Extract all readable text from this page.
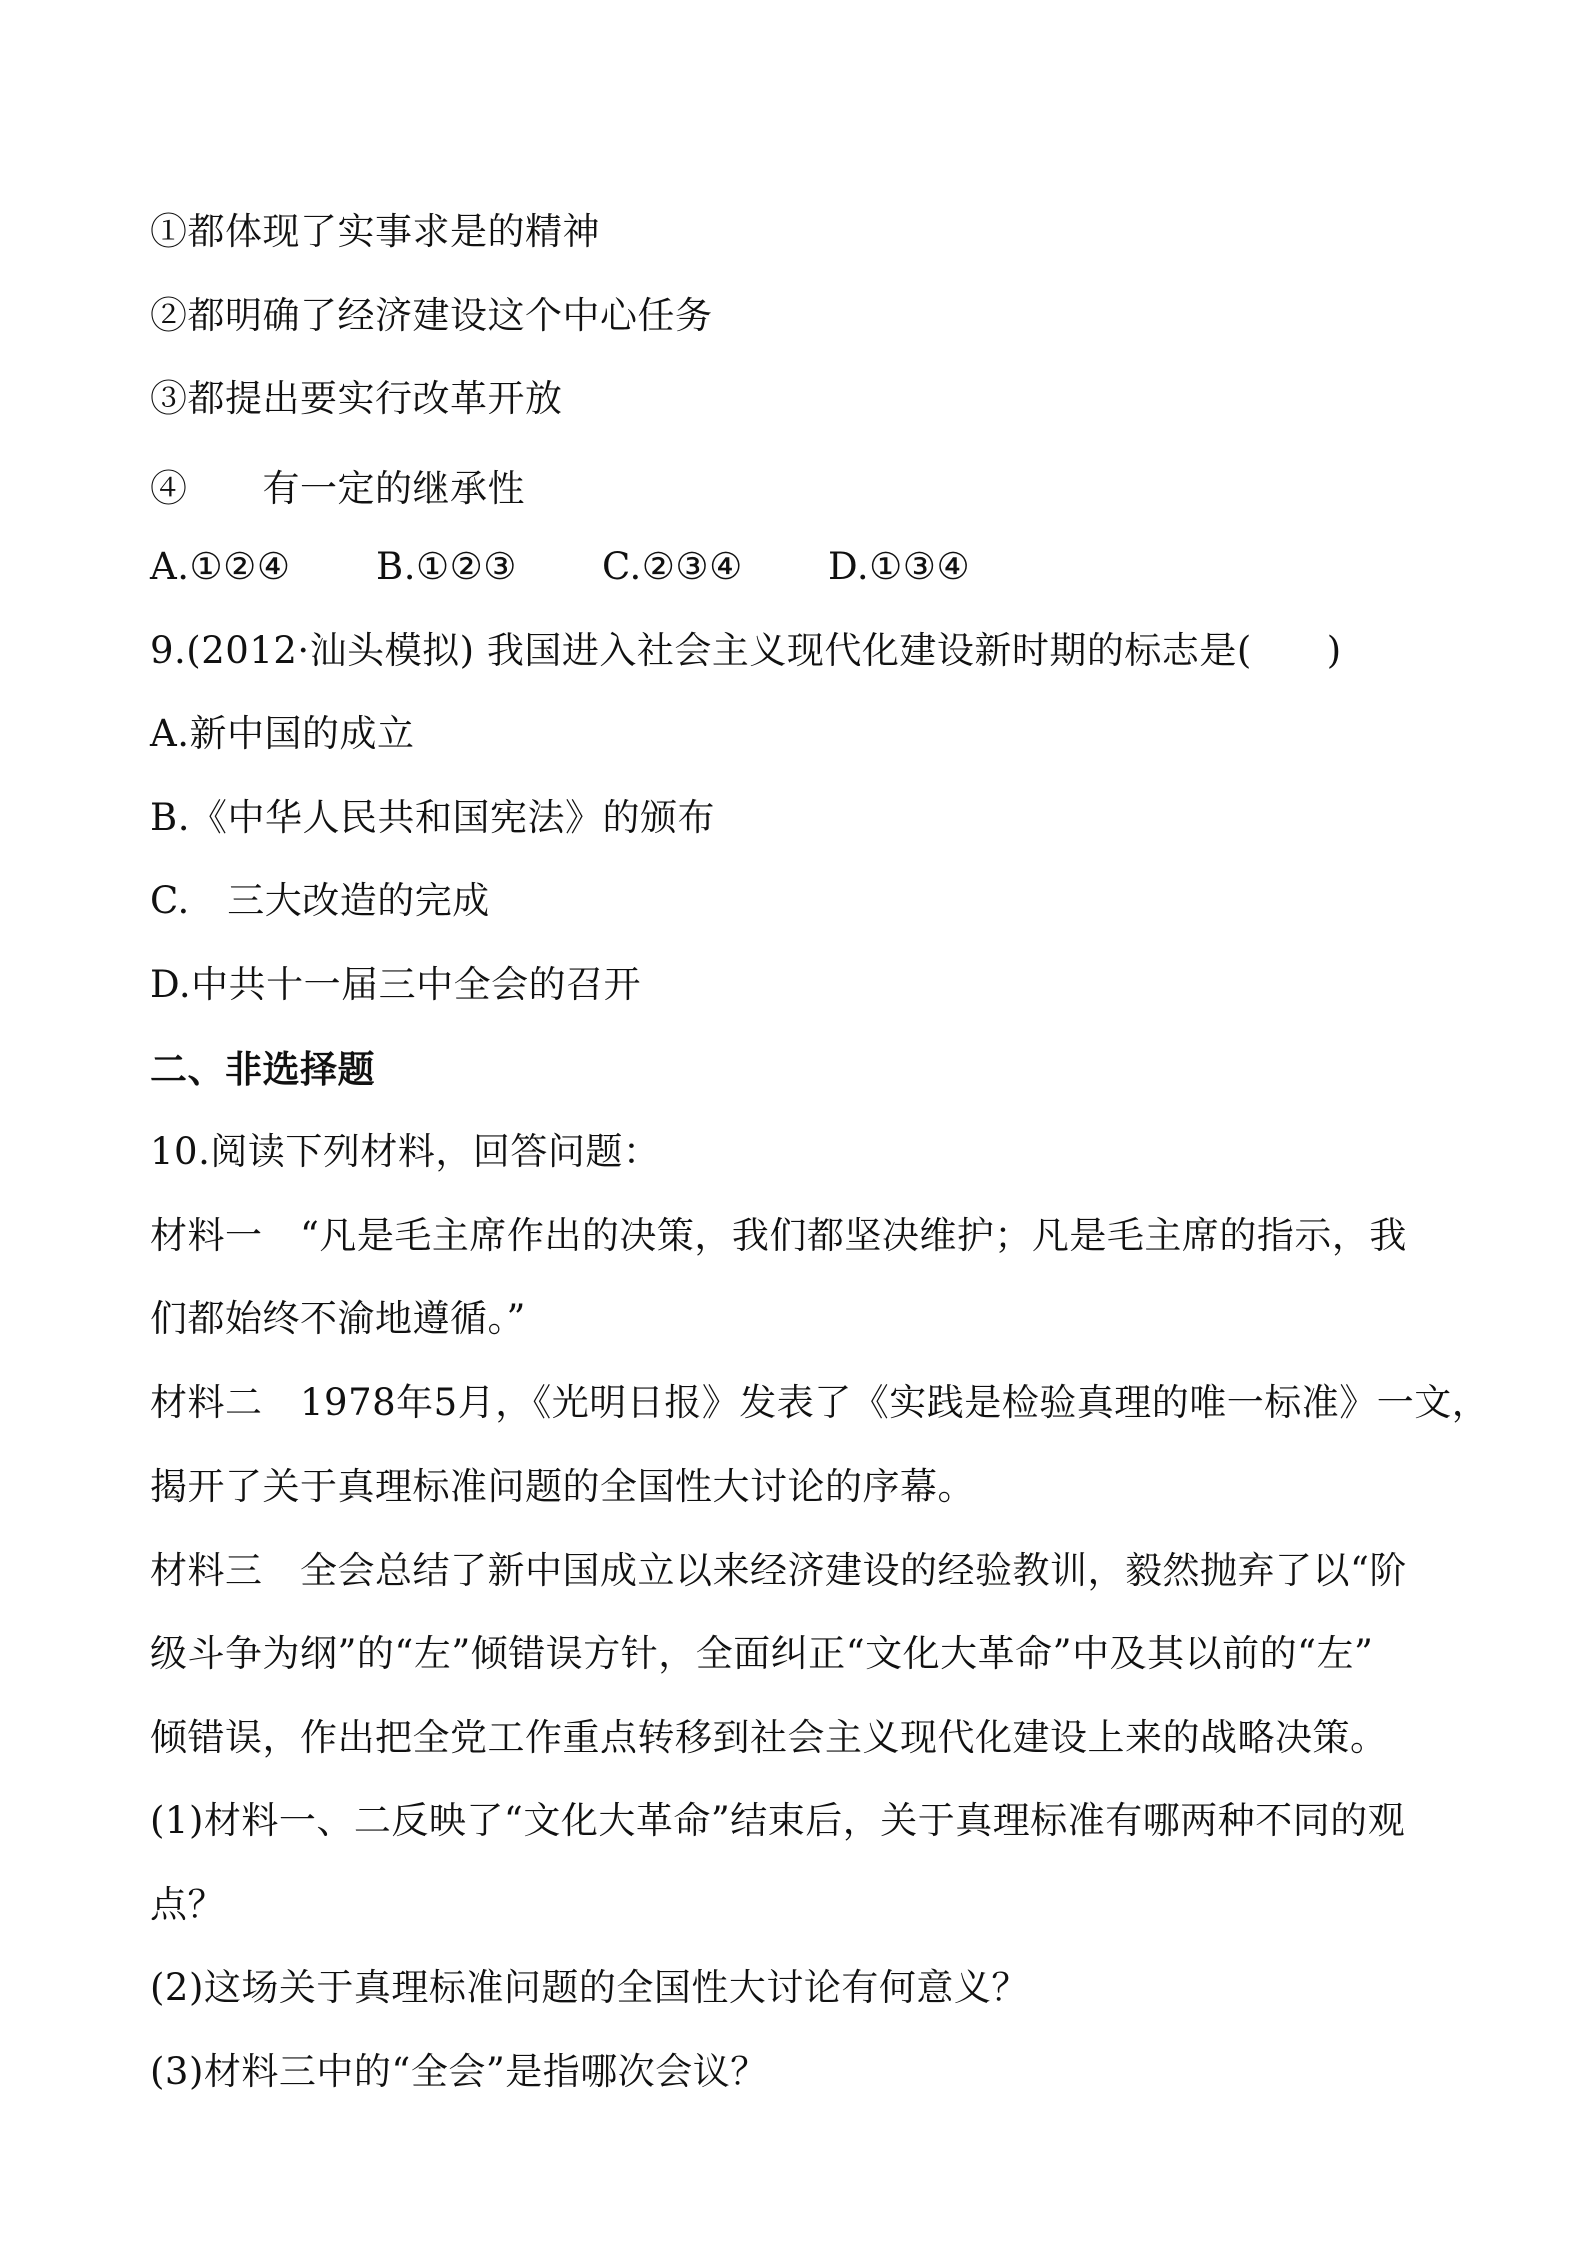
①都体现了实事求是的精神
②都明确了经济建设这个中心任务
③都提出要实行改革开放
④　　有一定的继承性
A.①②④ B.①②③ C.②③④ D.①③④
9.(2012·汕头模拟) 我国进入社会主义现代化建设新时期的标志是(　　)
A.新中国的成立
B.《中华人民共和国宪法》的颁布
C.　三大改造的完成
D.中共十一届三中全会的召开
二、非选择题
10.阅读下列材料，回答问题：
材料一　“凡是毛主席作出的决策，我们都坚决维护；凡是毛主席的指示，我
们都始终不渝地遵循。”
材料二　1978年5月，《光明日报》发表了《实践是检验真理的唯一标准》一文，
揭开了关于真理标准问题的全国性大讨论的序幕。
材料三　全会总结了新中国成立以来经济建设的经验教训，毅然抛弃了以“阶
级斗争为纲”的“左”倾错误方针，全面纠正“文化大革命”中及其以前的“左”
倾错误，作出把全党工作重点转移到社会主义现代化建设上来的战略决策。
(1)材料一、二反映了“文化大革命”结束后，关于真理标准有哪两种不同的观
点？
(2)这场关于真理标准问题的全国性大讨论有何意义？
(3)材料三中的“全会”是指哪次会议？
